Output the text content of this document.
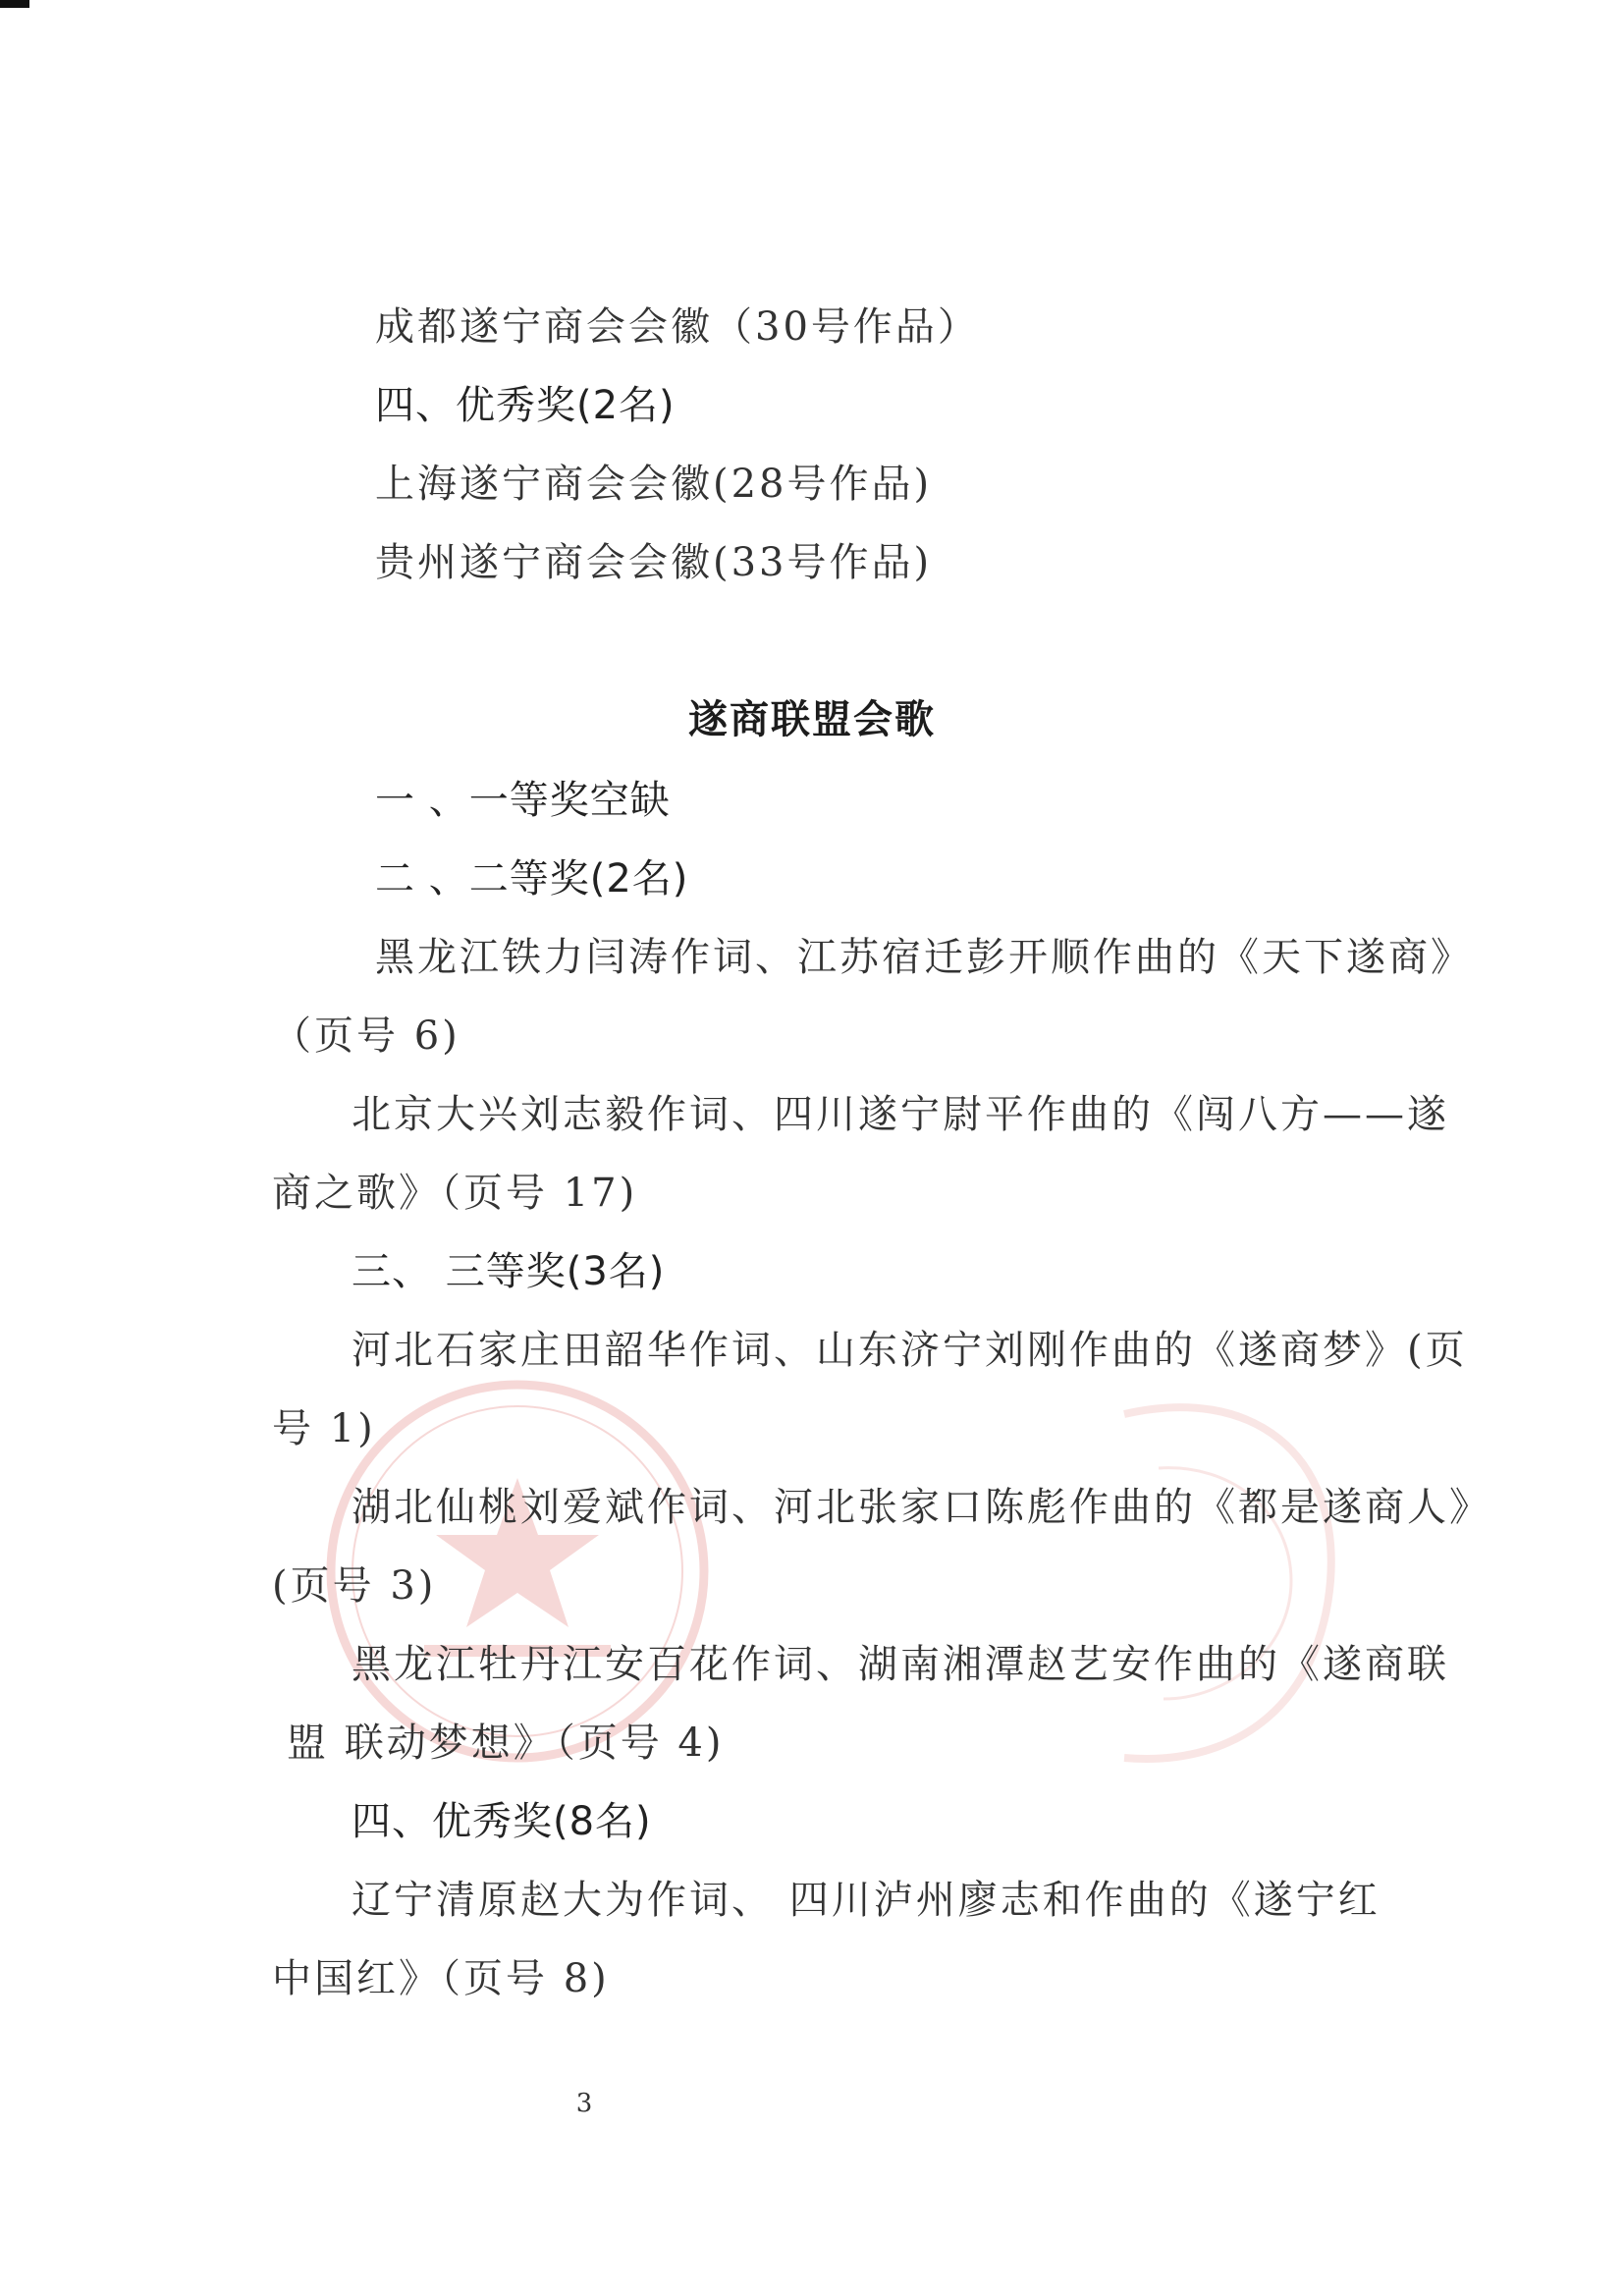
成都遂宁商会会徽（30号作品）
四、优秀奖(2名)
上海遂宁商会会徽(28号作品)
贵州遂宁商会会徽(33号作品)
遂商联盟会歌
一 、一等奖空缺
二 、二等奖(2名)
黑龙江铁力闫涛作词、江苏宿迁彭开顺作曲的《天下遂商》
（页号 6)
北京大兴刘志毅作词、四川遂宁尉平作曲的《闯八方——遂
商之歌》（页号 17)
三、 三等奖(3名)
河北石家庄田韶华作词、山东济宁刘刚作曲的《遂商梦》(页
号 1)
湖北仙桃刘爱斌作词、河北张家口陈彪作曲的《都是遂商人》
(页号 3)
黑龙江牡丹江安百花作词、湖南湘潭赵艺安作曲的《遂商联
盟 联动梦想》（页号 4)
四、优秀奖(8名)
辽宁清原赵大为作词、 四川泸州廖志和作曲的《遂宁红
中国红》（页号 8)
3
